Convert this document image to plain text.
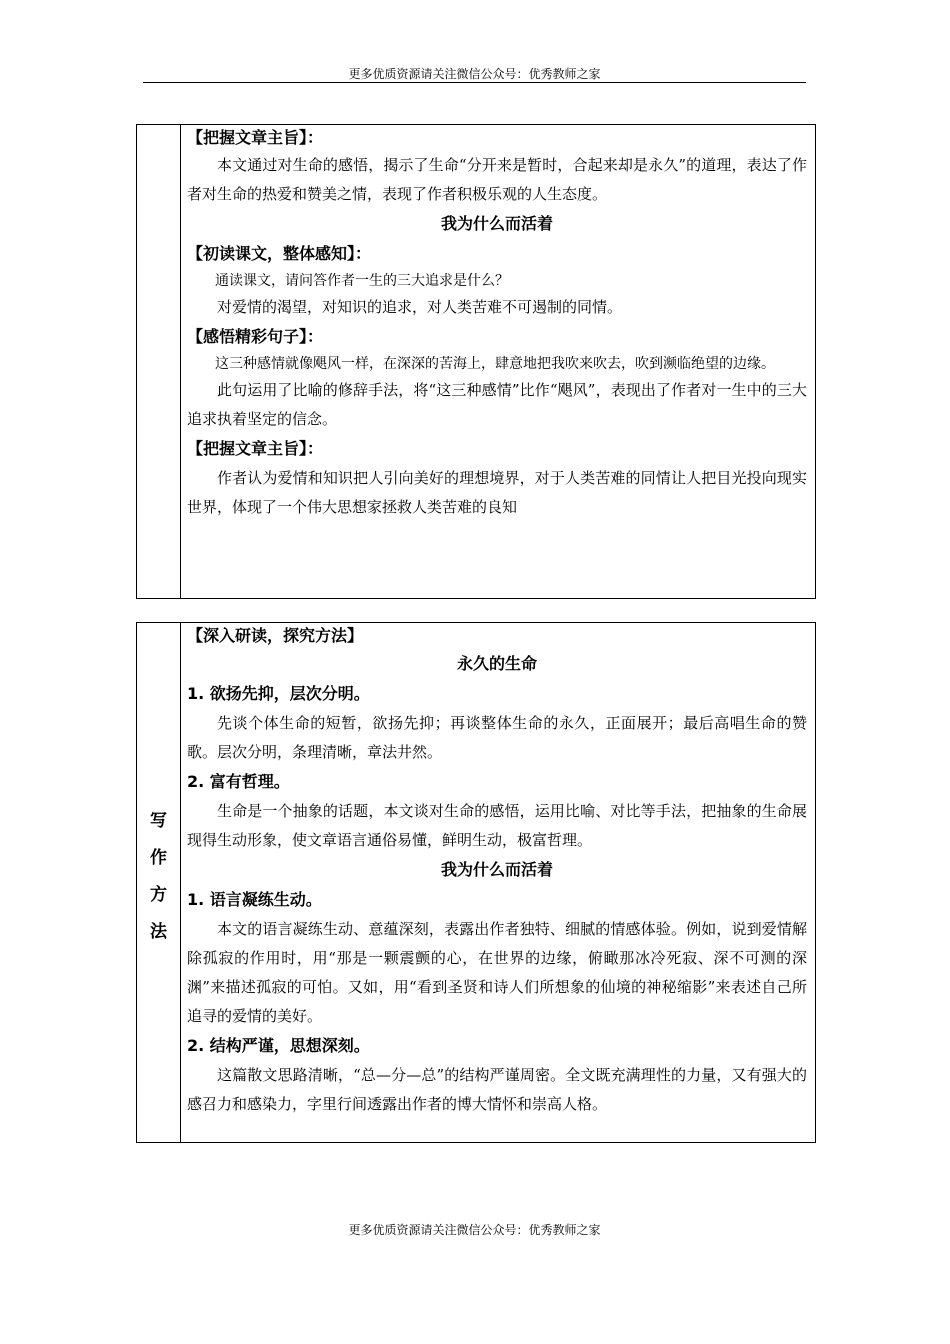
更多优质资源请关注微信公众号：优秀教师之家
【把握文章主旨】：

本文通过对生命的感悟，揭示了生命“分开来是暂时，合起来却是永久”的道理，表达了作者对生命的热爱和赞美之情，表现了作者积极乐观的人生态度。

我为什么而活着
【初读课文，整体感知】：

通读课文，请问答作者一生的三大追求是什么？

对爱情的渴望，对知识的追求，对人类苦难不可遏制的同情。

【感悟精彩句子】：

这三种感情就像飓风一样，在深深的苦海上，肆意地把我吹来吹去，吹到濒临绝望的边缘。

此句运用了比喻的修辞手法，将“这三种感情”比作“飓风”，表现出了作者对一生中的三大追求执着坚定的信念。

【把握文章主旨】：

作者认为爱情和知识把人引向美好的理想境界，对于人类苦难的同情让人把目光投向现实世界，体现了一个伟大思想家拯救人类苦难的良知

写
作
方
法
【深入研读，探究方法】
永久的生命
1. 欲扬先抑，层次分明。

先谈个体生命的短暂，欲扬先抑；再谈整体生命的永久，正面展开；最后高唱生命的赞歌。层次分明，条理清晰，章法井然。

2. 富有哲理。

生命是一个抽象的话题，本文谈对生命的感悟，运用比喻、对比等手法，把抽象的生命展现得生动形象，使文章语言通俗易懂，鲜明生动，极富哲理。

我为什么而活着
1. 语言凝练生动。

本文的语言凝练生动、意蕴深刻，表露出作者独特、细腻的情感体验。例如，说到爱情解除孤寂的作用时，用“那是一颗震颤的心，在世界的边缘，俯瞰那冰冷死寂、深不可测的深渊”来描述孤寂的可怕。又如，用“看到圣贤和诗人们所想象的仙境的神秘缩影”来表述自己所追寻的爱情的美好。

2. 结构严谨，思想深刻。

这篇散文思路清晰，“总—分—总”的结构严谨周密。全文既充满理性的力量，又有强大的感召力和感染力，字里行间透露出作者的博大情怀和崇高人格。

更多优质资源请关注微信公众号：优秀教师之家
